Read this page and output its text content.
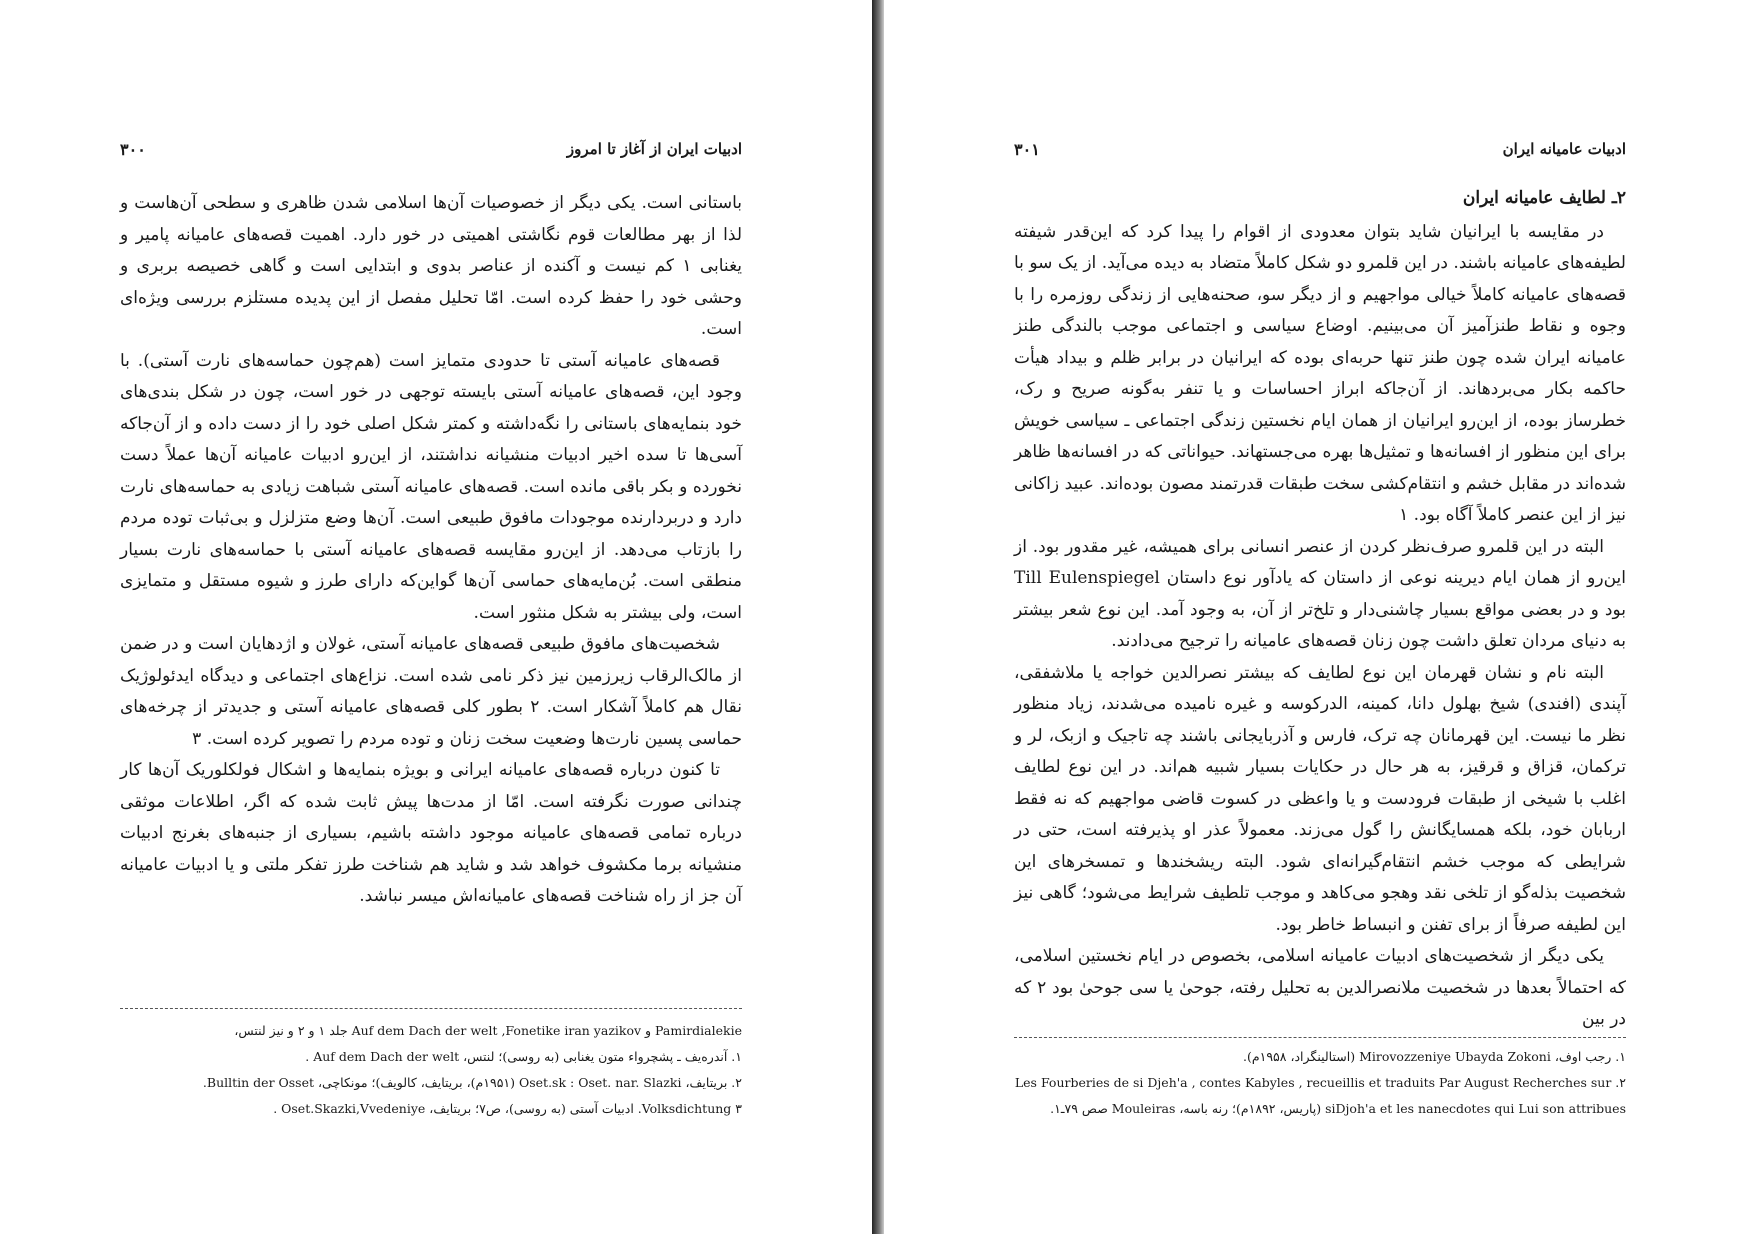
ادبیات ایران از آغاز تا امروز
۳۰۰

باستانی است. یکی دیگر از خصوصیات آن‌ها اسلامی شدن ظاهری و سطحی آن‌هاست و لذا از بهر مطالعات قوم نگاشتی اهمیتی در خور دارد. اهمیت قصه‌های عامیانه پامیر و یغنابی ۱ کم نیست و آکنده از عناصر بدوی و ابتدایی است و گاهی خصیصه بربری و وحشی خود را حفظ کرده است. امّا تحلیل مفصل از این پدیده مستلزم بررسی ویژه‌ای است.

قصه‌های عامیانه آستی تا حدودی متمایز است (هم‌چون حماسه‌های نارت آستی). با وجود این، قصه‌های عامیانه آستی بایسته توجهی در خور است، چون در شکل بندی‌های خود بنمایه‌های باستانی را نگه‌داشته و کمتر شکل اصلی خود را از دست داده و از آن‌جاکه آسی‌ها تا سده اخیر ادبیات منشیانه نداشتند، از این‌رو ادبیات عامیانه آن‌ها عملاً دست نخورده و بکر باقی مانده است. قصه‌های عامیانه آستی شباهت زیادی به حماسه‌های نارت دارد و دربردارنده موجودات مافوق طبیعی است. آن‌ها وضع متزلزل و بی‌ثبات توده مردم را بازتاب می‌دهد. از این‌رو مقایسه قصه‌های عامیانه آستی با حماسه‌های نارت بسیار منطقی است. بُن‌مایه‌های حماسی آن‌ها گواین‌که دارای طرز و شیوه مستقل و متمایزی است، ولی بیشتر به شکل منثور است.

شخصیت‌های مافوق طبیعی قصه‌های عامیانه آستی، غولان و اژدهایان است و در ضمن از مالک‌الرقاب زیرزمین نیز ذکر نامی شده است. نزاع‌های اجتماعی و دیدگاه ایدئولوژیک نقال هم کاملاً آشکار است. ۲ بطور کلی قصه‌های عامیانه آستی و جدیدتر از چرخه‌های حماسی پسین نارت‌ها وضعیت سخت زنان و توده مردم را تصویر کرده است. ۳

تا کنون درباره قصه‌های عامیانه ایرانی و بویژه بنمایه‌ها و اشکال فولکلوریک آن‌ها کار چندانی صورت نگرفته است. امّا از مدت‌ها پیش ثابت شده که اگر، اطلاعات موثقی درباره تمامی قصه‌های عامیانه موجود داشته باشیم، بسیاری از جنبه‌های بغرنج ادبیات منشیانه برما مکشوف خواهد شد و شاید هم شناخت طرز تفکر ملتی و یا ادبیات عامیانه آن جز از راه شناخت قصه‌های عامیانه‌اش میسر نباشد.

Pamirdialekie و Auf dem Dach der welt ,Fonetike iran yazikov جلد ۱ و ۲ و نیز لنتس،
۱. آندره‌یف ـ پشچرواء متون یغنابی (به روسی)؛ لنتس، Auf dem Dach der welt .
۲. بریتایف، Oset.sk : Oset. nar. Slazki (۱۹۵۱م)، بریتایف، کالویف)؛ مونکاچی، Bulltin der Osset.
Volksdichtung ۳. ادبیات آستی (به روسی)، ص۷؛ بریتایف، Oset.Skazki,Vvedeniye .
ادبیات عامیانه ایران
۳۰۱
۲ـ لطایف عامیانه ایران

در مقایسه با ایرانیان شاید بتوان معدودی از اقوام را پیدا کرد که این‌قدر شیفته لطیفه‌های عامیانه باشند. در این قلمرو دو شکل کاملاً متضاد به دیده می‌آید. از یک سو با قصه‌های عامیانه کاملاً خیالی مواجهیم و از دیگر سو، صحنه‌هایی از زندگی روزمره را با وجوه و نقاط طنزآمیز آن می‌بینیم. اوضاع سیاسی و اجتماعی موجب بالندگی طنز عامیانه ایران شده چون طنز تنها حربه‌ای بوده که ایرانیان در برابر ظلم و بیداد هیأت حاکمه بکار می‌بردهاند. از آن‌جاکه ابراز احساسات و یا تنفر به‌گونه صریح و رک، خطرساز بوده، از این‌رو ایرانیان از همان ایام نخستین زندگی اجتماعی ـ سیاسی خویش برای این منظور از افسانه‌ها و تمثیل‌ها بهره می‌جستهاند. حیواناتی که در افسانه‌ها ظاهر شده‌اند در مقابل خشم و انتقام‌کشی سخت طبقات قدرتمند مصون بوده‌اند. عبید زاکانی نیز از این عنصر کاملاً آگاه بود. ۱

البته در این قلمرو صرف‌نظر کردن از عنصر انسانی برای همیشه، غیر مقدور بود. از این‌رو از همان ایام دیرینه نوعی از داستان که یادآور نوع داستان Till Eulenspiegel بود و در بعضی مواقع بسیار چاشنی‌دار و تلخ‌تر از آن، به وجود آمد. این نوع شعر بیشتر به دنیای مردان تعلق داشت چون زنان قصه‌های عامیانه را ترجیح می‌دادند.

البته نام و نشان قهرمان این نوع لطایف که بیشتر نصرالدین خواجه یا ملاشفقی، آپندی (افندی) شیخ بهلول دانا، کمینه، الدرکوسه و غیره نامیده می‌شدند، زیاد منظور نظر ما نیست. این قهرمانان چه ترک، فارس و آذربایجانی باشند چه تاجیک و ازبک، لر و ترکمان، قزاق و قرقیز، به هر حال در حکایات بسیار شبیه هم‌اند. در این نوع لطایف اغلب با شیخی از طبقات فرودست و یا واعظی در کسوت قاضی مواجهیم که نه فقط اربابان خود، بلکه همسایگانش را گول می‌زند. معمولاً عذر او پذیرفته است، حتی در شرایطی که موجب خشم انتقام‌گیرانه‌ای شود. البته ریشخندها و تمسخرهای این شخصیت بذله‌گو از تلخی نقد وهجو می‌کاهد و موجب تلطیف شرایط می‌شود؛ گاهی نیز این لطیفه صرفاً از برای تفنن و انبساط خاطر بود.

یکی دیگر از شخصیت‌های ادبیات عامیانه اسلامی، بخصوص در ایام نخستین اسلامی، که احتمالاً بعدها در شخصیت ملانصرالدین به تحلیل رفته، جوحیٰ یا سی جوحیٰ بود ۲ که در بین

۱. رجب اوف، Mirovozzeniye Ubayda Zokoni (استالینگراد، ۱۹۵۸م).
Les Fourberies de si Djeh'a , contes Kabyles , recueillis et traduits Par August Recherches sur .۲
siDjoh'a et les nanecdotes qui Lui son attribues (پاریس، ۱۸۹۲م)؛ رنه باسه، Mouleiras صص ۷۹ـ۱.
